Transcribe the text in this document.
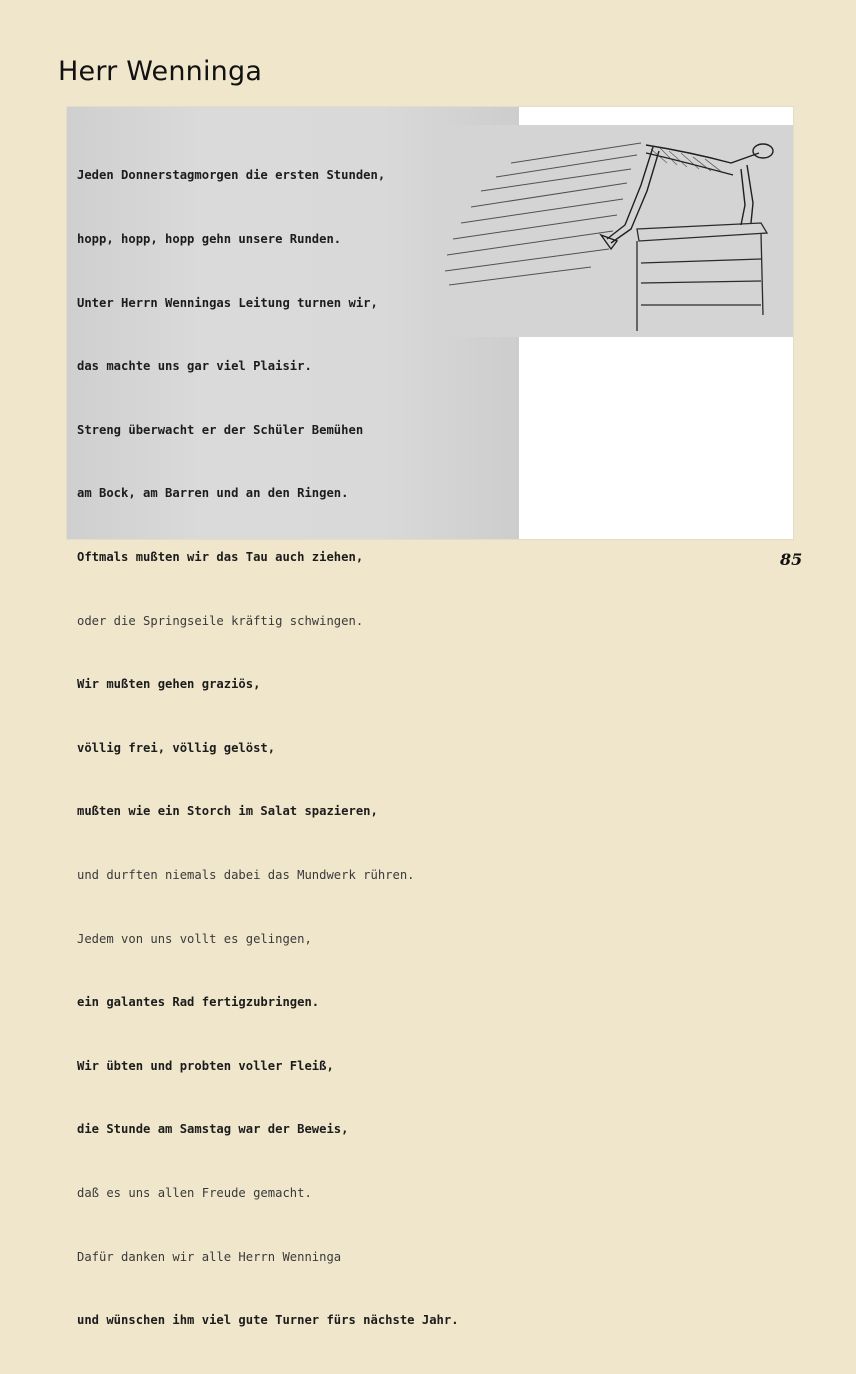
Herr Wenninga

Jeden Donnerstagmorgen die ersten Stunden,

hopp, hopp, hopp gehn unsere Runden.

Unter Herrn Wenningas Leitung turnen wir,

das machte uns gar viel Plaisir.

Streng überwacht er der Schüler Bemühen

am Bock, am Barren und an den Ringen.

Oftmals mußten wir das Tau auch ziehen,

oder die Springseile kräftig schwingen.

Wir mußten gehen graziös,

völlig frei, völlig gelöst,

mußten wie ein Storch im Salat spazieren,

und durften niemals dabei das Mundwerk rühren.

Jedem von uns vollt es gelingen,

ein galantes Rad fertigzubringen.

Wir übten und probten voller Fleiß,

die Stunde am Samstag war der Beweis,

daß es uns allen Freude gemacht.

Dafür danken wir alle Herrn Wenninga

und wünschen ihm viel gute Turner fürs nächste Jahr.

85
